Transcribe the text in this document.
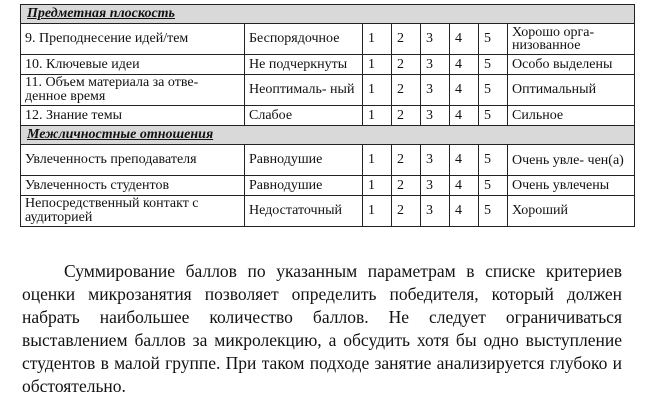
Предметная плоскость							
9. Преподнесение идей/тем	Беспорядочное	1	2	3	4	5	Хорошо орга- низованное
10. Ключевые идеи	Не подчеркнуты	1	2	3	4	5	Особо выделены
11. Объем материала за отве- денное время	Неоптималь- ный	1	2	3	4	5	Оптимальный
12. Знание темы	Слабое	1	2	3	4	5	Сильное
Межличностные отношения							
Увлеченность преподавателя	Равнодушие	1	2	3	4	5	Очень увле- чен(а)
Увлеченность студентов	Равнодушие	1	2	3	4	5	Очень увлечены
Непосредственный контакт с аудиторией	Недостаточный	1	2	3	4	5	Хороший

Суммирование баллов по указанным параметрам в списке критериев оценки микрозанятия позволяет определить победителя, который должен набрать наибольшее количество баллов. Не следует ограничиваться выставлением баллов за микролекцию, а обсудить хотя бы одно выступление студентов в малой группе. При таком подходе занятие анализируется глубоко и обстоятельно.
